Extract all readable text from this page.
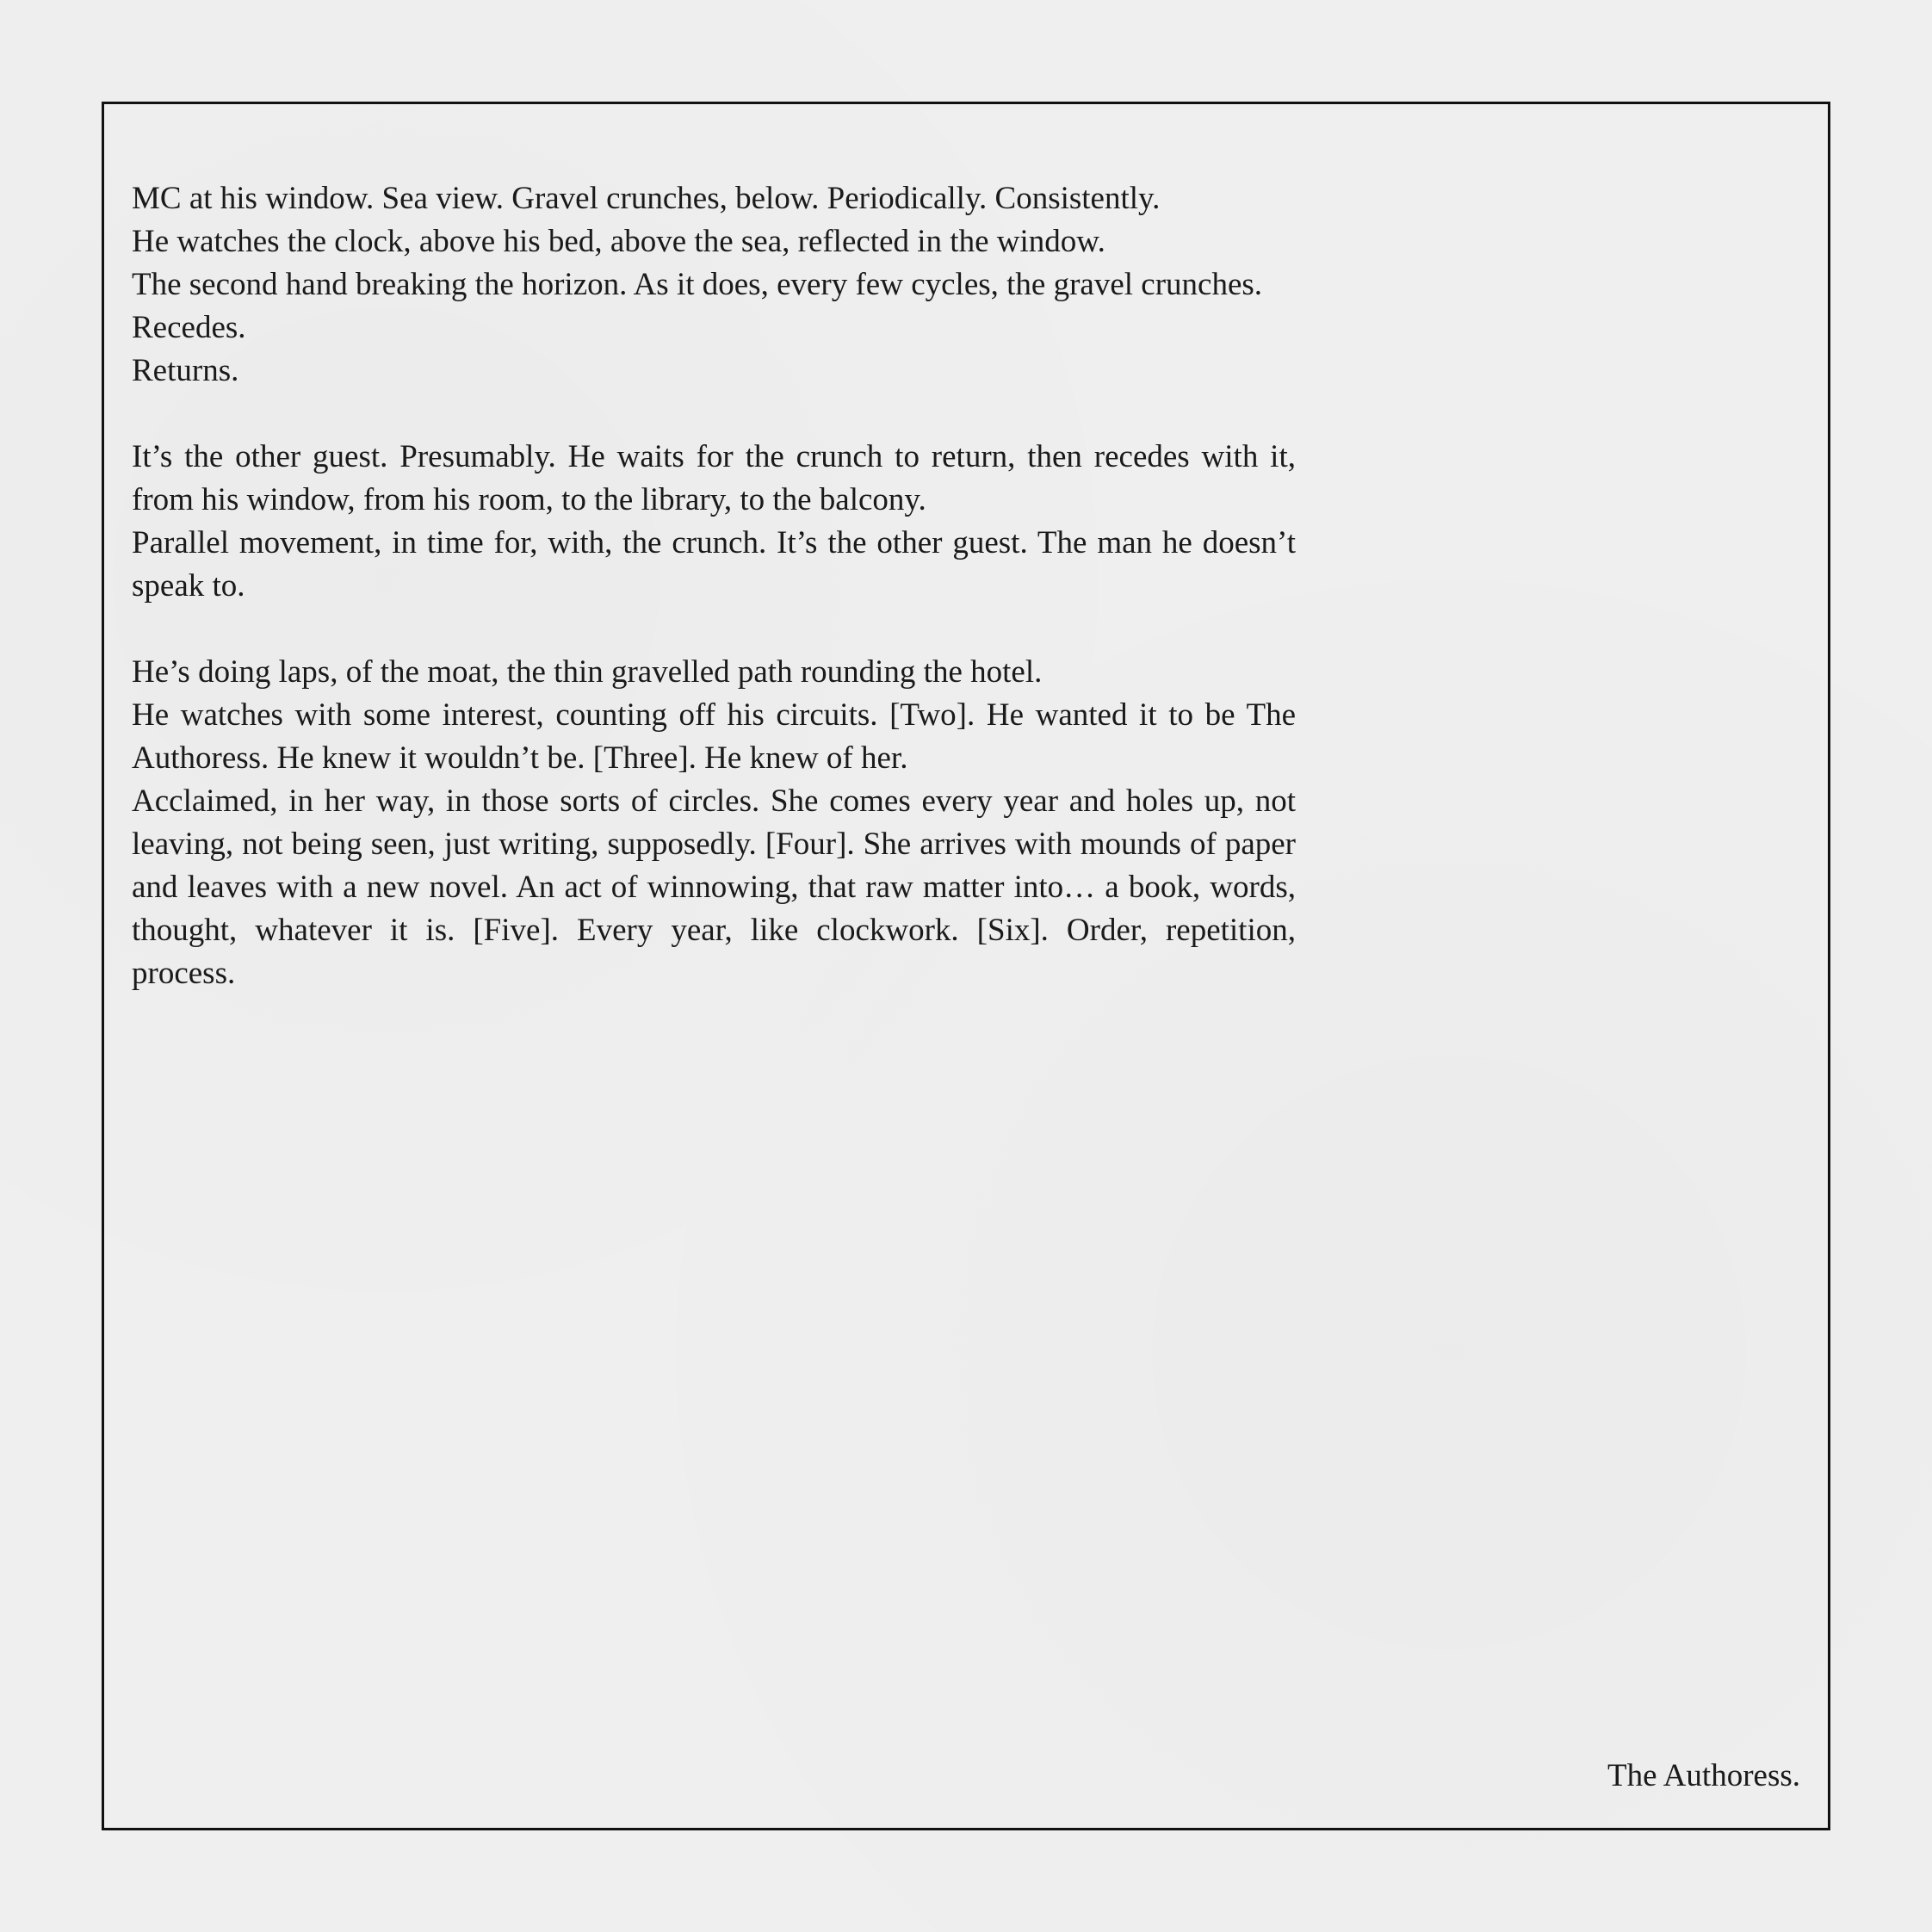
MC at his window. Sea view. Gravel crunches, below. Periodically. Consistently.
He watches the clock, above his bed, above the sea, reflected in the window.
The second hand breaking the horizon. As it does, every few cycles, the gravel crunches.
Recedes.
Returns.
It’s the other guest. Presumably. He waits for the crunch to return, then recedes with it, from his window, from his room, to the library, to the balcony.
Parallel movement, in time for, with, the crunch. It’s the other guest. The man he doesn’t speak to.
He’s doing laps, of the moat, the thin gravelled path rounding the hotel.
He watches with some interest, counting off his circuits. [Two]. He wanted it to be The Authoress. He knew it wouldn’t be. [Three]. He knew of her.
Acclaimed, in her way, in those sorts of circles. She comes every year and holes up, not leaving, not being seen, just writing, supposedly. [Four]. She arrives with mounds of paper and leaves with a new novel. An act of winnowing, that raw matter into… a book, words, thought, whatever it is. [Five]. Every year, like clockwork. [Six]. Order, repetition, process.
The Authoress.
